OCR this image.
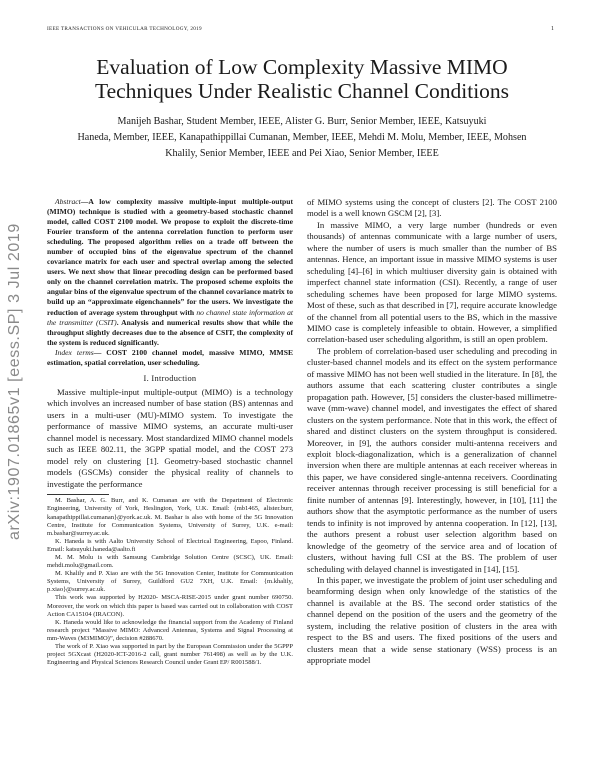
IEEE TRANSACTIONS ON VEHICULAR TECHNOLOGY, 2019	1
arXiv:1907.01865v1 [eess.SP] 3 Jul 2019
Evaluation of Low Complexity Massive MIMO
Techniques Under Realistic Channel Conditions
Manijeh Bashar, Student Member, IEEE, Alister G. Burr, Senior Member, IEEE, Katsuyuki
Haneda, Member, IEEE, Kanapathippillai Cumanan, Member, IEEE, Mehdi M. Molu, Member, IEEE, Mohsen
Khalily, Senior Member, IEEE and Pei Xiao, Senior Member, IEEE

Abstract—A low complexity massive multiple-input multiple-output (MIMO) technique is studied with a geometry-based stochastic channel model, called COST 2100 model. We propose to exploit the discrete-time Fourier transform of the antenna correlation function to perform user scheduling. The proposed algorithm relies on a trade off between the number of occupied bins of the eigenvalue spectrum of the channel covariance matrix for each user and spectral overlap among the selected users. We next show that linear precoding design can be performed based only on the channel correlation matrix. The proposed scheme exploits the angular bins of the eigenvalue spectrum of the channel covariance matrix to build up an “approximate eigenchannels” for the users. We investigate the reduction of average system throughput with no channel state information at the transmitter (CSIT). Analysis and numerical results show that while the throughput slightly decreases due to the absence of CSIT, the complexity of the system is reduced significantly.

Index terms— COST 2100 channel model, massive MIMO, MMSE estimation, spatial correlation, user scheduling.

I. Introduction

Massive multiple-input multiple-output (MIMO) is a technology which involves an increased number of base station (BS) antennas and users in a multi-user (MU)-MIMO system. To investigate the performance of massive MIMO systems, an accurate multi-user channel model is necessary. Most standardized MIMO channel models such as IEEE 802.11, the 3GPP spatial model, and the COST 273 model rely on clustering [1]. Geometry-based stochastic channel models (GSCMs) consider the physical reality of channels to investigate the performance

M. Bashar, A. G. Burr, and K. Cumanan are with the Department of Electronic Engineering, University of York, Heslington, York, U.K. Email: {mb1465, alister.burr, kanapathippillai.cumanan}@york.ac.uk. M. Bashar is also with home of the 5G Innovation Centre, Institute for Communication Systems, University of Surrey, U.K. e-mail: m.bashar@surrey.ac.uk.

K. Haneda is with Aalto University School of Electrical Engineering, Espoo, Finland. Email: katsuyuki.haneda@aalto.fi

M. M. Molu is with Samsung Cambridge Solution Centre (SCSC), UK. Email: mehdi.molu@gmail.com.

M. Khalily and P. Xiao are with the 5G Innovation Center, Institute for Communication Systems, University of Surrey, Guildford GU2 7XH, U.K. Email: {m.khalily, p.xiao}@surrey.ac.uk.

This work was supported by H2020- MSCA-RISE-2015 under grant number 690750. Moreover, the work on which this paper is based was carried out in collaboration with COST Action CA15104 (IRACON).

K. Haneda would like to acknowledge the financial support from the Academy of Finland research project “Massive MIMO: Advanced Antennas, Systems and Signal Processing at mm-Waves (M3MIMO)”, decision #288670.

The work of P. Xiao was supported in part by the European Commission under the 5GPPP project 5GXcast (H2020-ICT-2016-2 call, grant number 761498) as well as by the U.K. Engineering and Physical Sciences Research Council under Grant EP/ R001588/1.

of MIMO systems using the concept of clusters [2]. The COST 2100 model is a well known GSCM [2], [3].

In massive MIMO, a very large number (hundreds or even thousands) of antennas communicate with a large number of users, where the number of users is much smaller than the number of BS antennas. Hence, an important issue in massive MIMO systems is user scheduling [4]–[6] in which multiuser diversity gain is obtained with imperfect channel state information (CSI). Recently, a range of user scheduling schemes have been proposed for large MIMO systems. Most of these, such as that described in [7], require accurate knowledge of the channel from all potential users to the BS, which in the massive MIMO case is completely infeasible to obtain. However, a simplified correlation-based user scheduling algorithm, is still an open problem.

The problem of correlation-based user scheduling and precoding in cluster-based channel models and its effect on the system performance of massive MIMO has not been well studied in the literature. In [8], the authors assume that each scattering cluster contributes a single propagation path. However, [5] considers the cluster-based millimetre-wave (mm-wave) channel model, and investigates the effect of shared clusters on the system performance. Note that in this work, the effect of shared and distinct clusters on the system throughput is considered. Moreover, in [9], the authors consider multi-antenna receivers and exploit block-diagonalization, which is a generalization of channel inversion when there are multiple antennas at each receiver whereas in this paper, we have considered single-antenna receivers. Coordinating receiver antennas through receiver processing is still beneficial for a finite number of antennas [9]. Interestingly, however, in [10], [11] the authors show that the asymptotic performance as the number of users tends to infinity is not improved by antenna cooperation. In [12], [13], the authors present a robust user selection algorithm based on knowledge of the geometry of the service area and of location of clusters, without having full CSI at the BS. The problem of user scheduling with delayed channel is investigated in [14], [15].

In this paper, we investigate the problem of joint user scheduling and beamforming design when only knowledge of the statistics of the channel is available at the BS. The second order statistics of the channel depend on the position of the users and the geometry of the system, including the relative position of clusters in the area with respect to the BS and users. The fixed positions of the users and clusters mean that a wide sense stationary (WSS) process is an appropriate model
